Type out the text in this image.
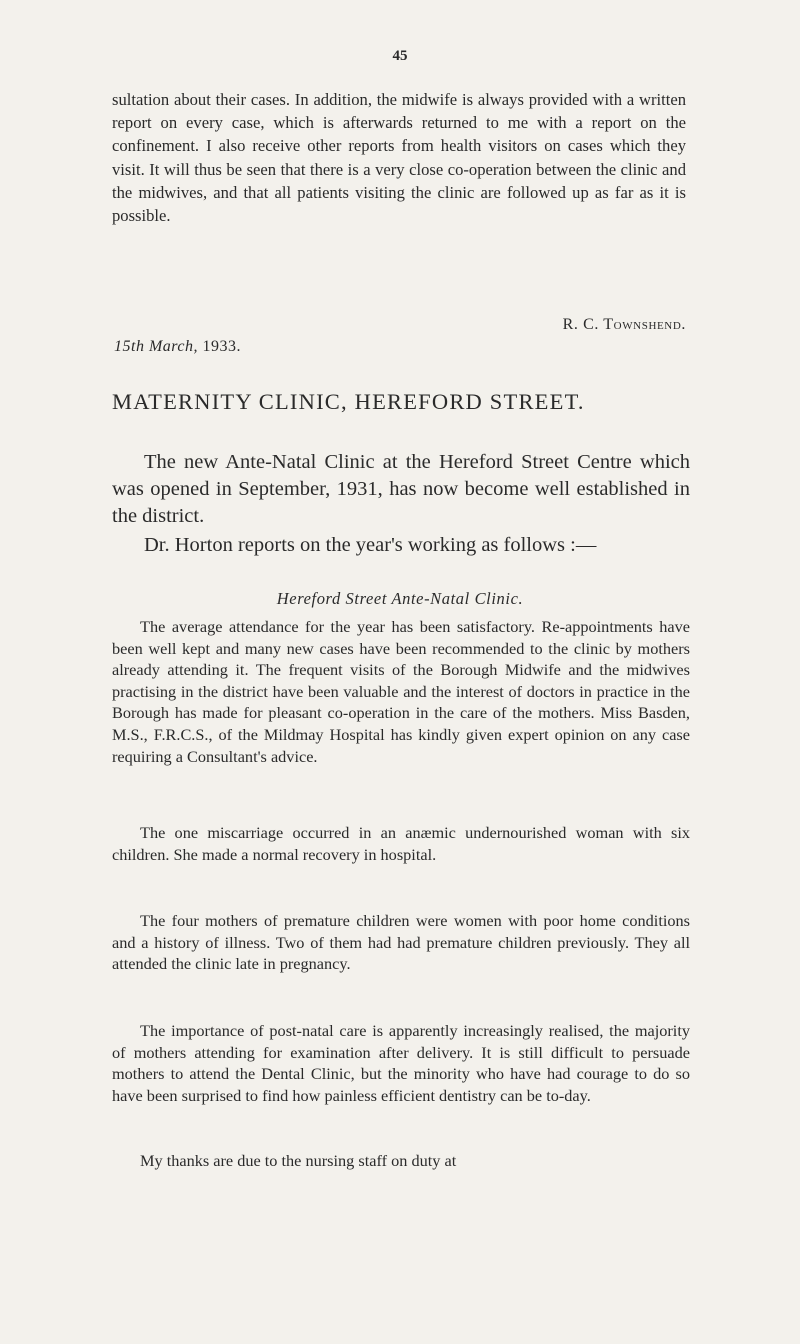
45

sultation about their cases. In addition, the midwife is always provided with a written report on every case, which is afterwards returned to me with a report on the confinement. I also receive other reports from health visitors on cases which they visit. It will thus be seen that there is a very close co-operation between the clinic and the midwives, and that all patients visiting the clinic are followed up as far as it is possible.

R. C. Townshend.
15th March, 1933.
MATERNITY CLINIC, HEREFORD STREET.

The new Ante-Natal Clinic at the Hereford Street Centre which was opened in September, 1931, has now become well established in the district.

Dr. Horton reports on the year's working as follows :—

Hereford Street Ante-Natal Clinic.

The average attendance for the year has been satisfactory. Re-appointments have been well kept and many new cases have been recommended to the clinic by mothers already attending it. The frequent visits of the Borough Midwife and the midwives practising in the district have been valuable and the interest of doctors in practice in the Borough has made for pleasant co-operation in the care of the mothers. Miss Basden, M.S., F.R.C.S., of the Mildmay Hospital has kindly given expert opinion on any case requiring a Consultant's advice.

The one miscarriage occurred in an anæmic undernourished woman with six children. She made a normal recovery in hospital.

The four mothers of premature children were women with poor home conditions and a history of illness. Two of them had had premature children previously. They all attended the clinic late in pregnancy.

The importance of post-natal care is apparently increasingly realised, the majority of mothers attending for examination after delivery. It is still difficult to persuade mothers to attend the Dental Clinic, but the minority who have had courage to do so have been surprised to find how painless efficient dentistry can be to-day.

My thanks are due to the nursing staff on duty at
